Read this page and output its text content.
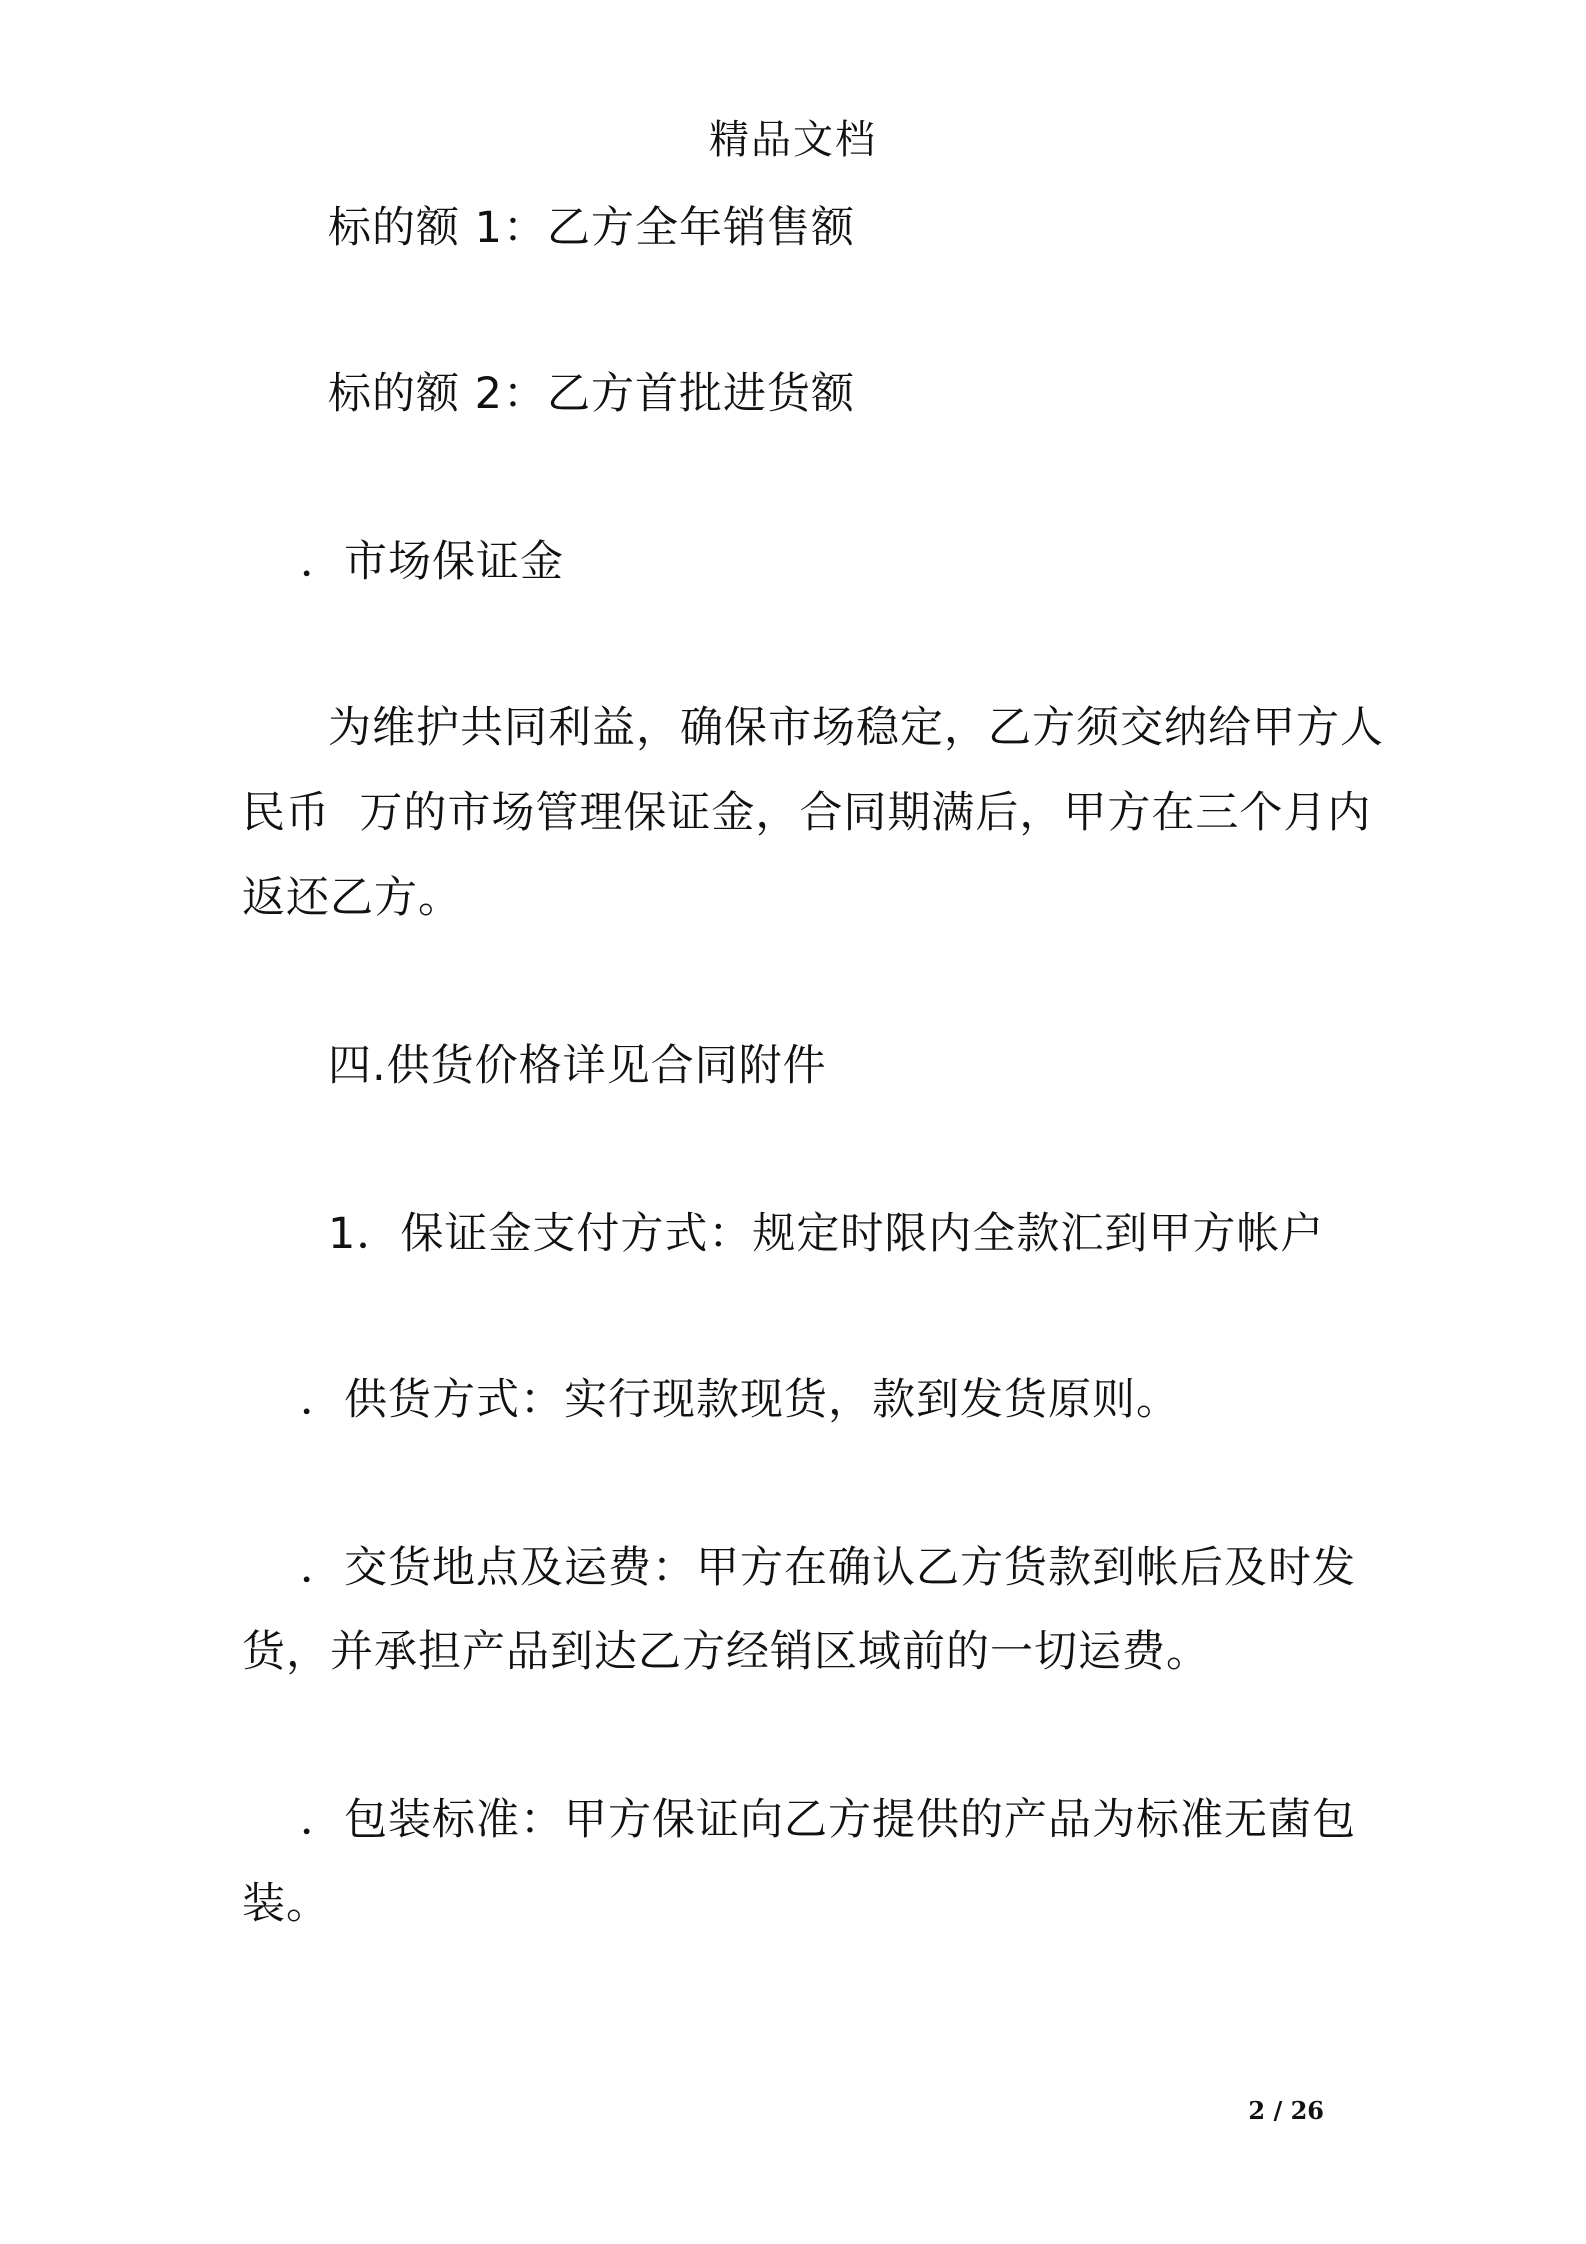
精品文档
标的额 1：乙方全年销售额
标的额 2：乙方首批进货额
．市场保证金
为维护共同利益，确保市场稳定，乙方须交纳给甲方人
民币  万的市场管理保证金，合同期满后，甲方在三个月内
返还乙方。
四.供货价格详见合同附件
1．保证金支付方式：规定时限内全款汇到甲方帐户
．供货方式：实行现款现货，款到发货原则。
．交货地点及运费：甲方在确认乙方货款到帐后及时发
货，并承担产品到达乙方经销区域前的一切运费。
．包装标准：甲方保证向乙方提供的产品为标准无菌包
装。
2 / 26
